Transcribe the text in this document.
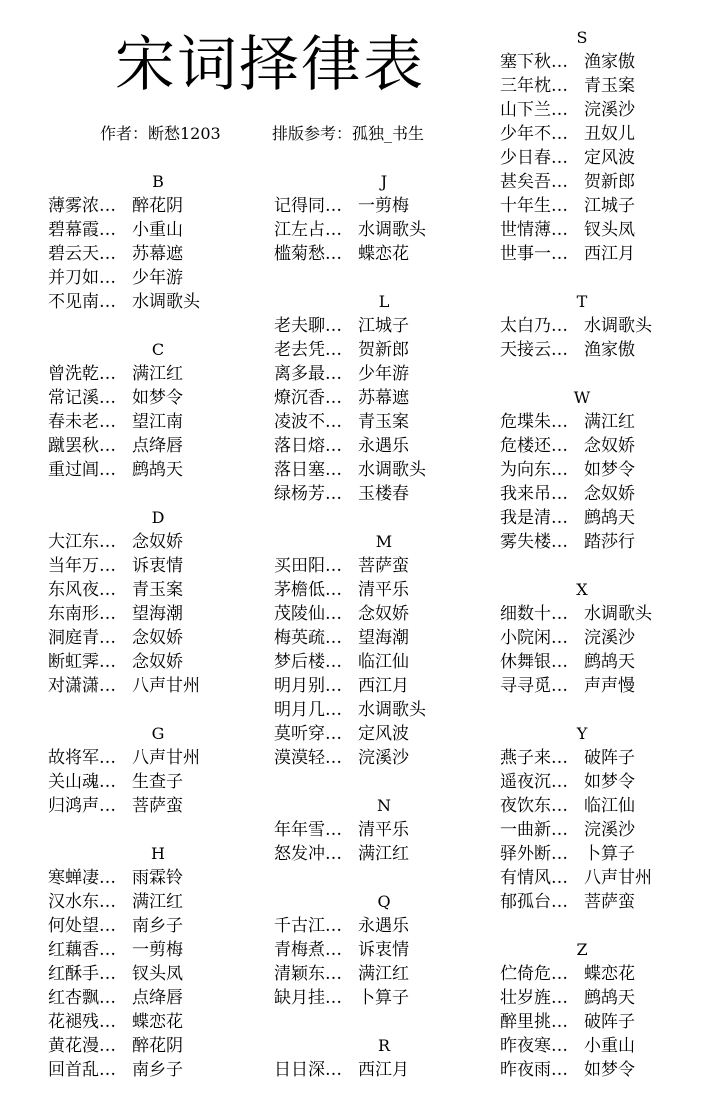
宋词择律表
作者：断愁1203	排版参考：孤独_书生
B
薄雾浓… 醉花阴
碧幕霞… 小重山
碧云天… 苏幕遮
并刀如… 少年游
不见南… 水调歌头
C
曾洗乾… 满江红
常记溪… 如梦令
春未老… 望江南
蹴罢秋… 点绛唇
重过阊… 鹧鸪天
D
大江东… 念奴娇
当年万… 诉衷情
东风夜… 青玉案
东南形… 望海潮
洞庭青… 念奴娇
断虹霁… 念奴娇
对潇潇… 八声甘州
G
故将军… 八声甘州
关山魂… 生查子
归鸿声… 菩萨蛮
H
寒蝉凄… 雨霖铃
汉水东… 满江红
何处望… 南乡子
红藕香… 一剪梅
红酥手… 钗头凤
红杏飘… 点绛唇
花褪残… 蝶恋花
黄花漫… 醉花阴
回首乱… 南乡子
J
记得同… 一剪梅
江左占… 水调歌头
槛菊愁… 蝶恋花
L
老夫聊… 江城子
老去凭… 贺新郎
离多最… 少年游
燎沉香… 苏幕遮
凌波不… 青玉案
落日熔… 永遇乐
落日塞… 水调歌头
绿杨芳… 玉楼春
M
买田阳… 菩萨蛮
茅檐低… 清平乐
茂陵仙… 念奴娇
梅英疏… 望海潮
梦后楼… 临江仙
明月别… 西江月
明月几… 水调歌头
莫听穿… 定风波
漠漠轻… 浣溪沙
N
年年雪… 清平乐
怒发冲… 满江红
Q
千古江… 永遇乐
青梅煮… 诉衷情
清颖东… 满江红
缺月挂… 卜算子
R
日日深… 西江月
S
塞下秋… 渔家傲
三年枕… 青玉案
山下兰… 浣溪沙
少年不… 丑奴儿
少日春… 定风波
甚矣吾… 贺新郎
十年生… 江城子
世情薄… 钗头凤
世事一… 西江月
T
太白乃… 水调歌头
天接云… 渔家傲
W
危堞朱… 满江红
危楼还… 念奴娇
为向东… 如梦令
我来吊… 念奴娇
我是清… 鹧鸪天
雾失楼… 踏莎行
X
细数十… 水调歌头
小院闲… 浣溪沙
休舞银… 鹧鸪天
寻寻觅… 声声慢
Y
燕子来… 破阵子
遥夜沉… 如梦令
夜饮东… 临江仙
一曲新… 浣溪沙
驿外断… 卜算子
有情风… 八声甘州
郁孤台… 菩萨蛮
Z
伫倚危… 蝶恋花
壮岁旌… 鹧鸪天
醉里挑… 破阵子
昨夜寒… 小重山
昨夜雨… 如梦令
